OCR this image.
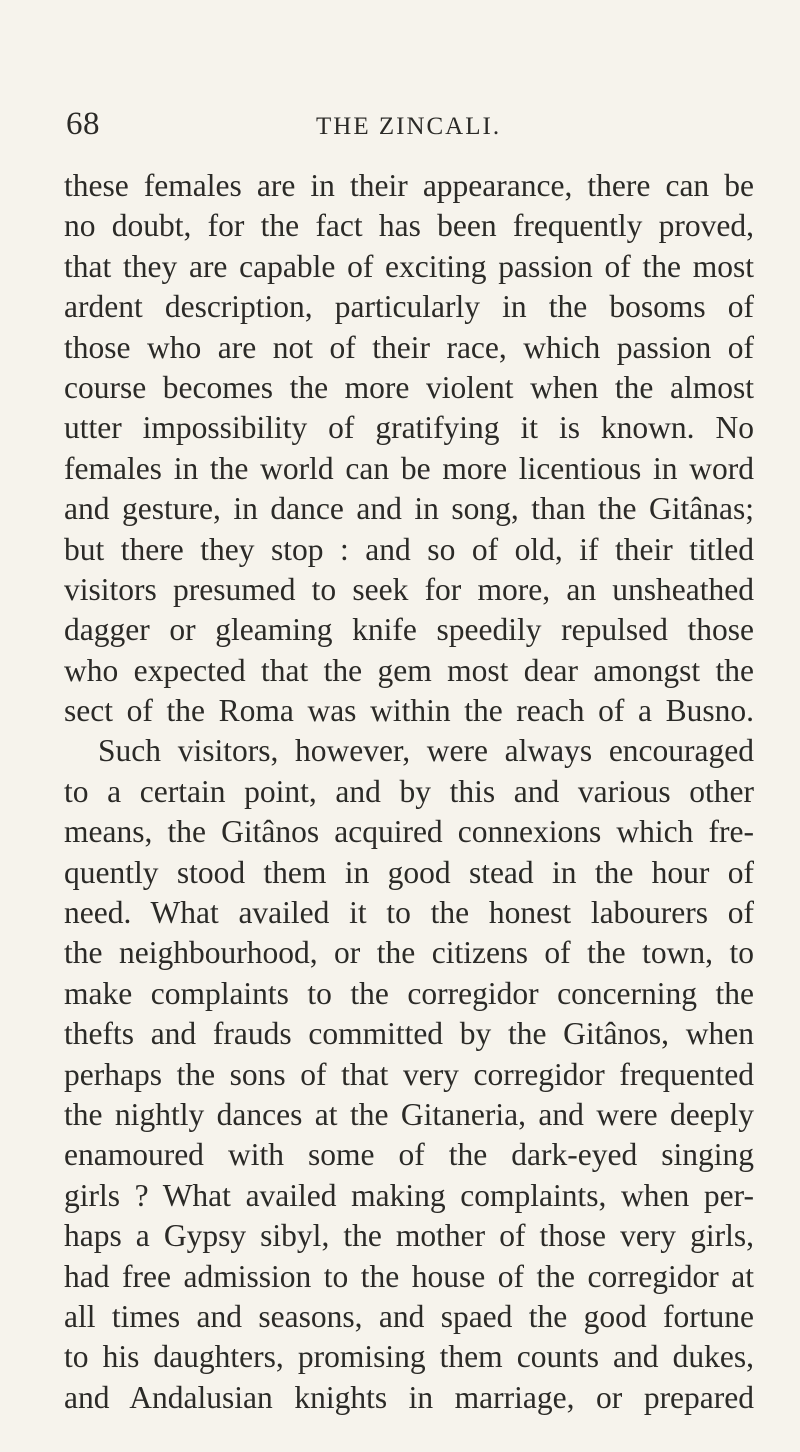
68	THE ZINCALI.
these females are in their appearance, there can be
no doubt, for the fact has been frequently proved,
that they are capable of exciting passion of the most
ardent description, particularly in the bosoms of
those who are not of their race, which passion of
course becomes the more violent when the almost
utter impossibility of gratifying it is known. No
females in the world can be more licentious in word
and gesture, in dance and in song, than the Gitânas;
but there they stop : and so of old, if their titled
visitors presumed to seek for more, an unsheathed
dagger or gleaming knife speedily repulsed those
who expected that the gem most dear amongst the
sect of the Roma was within the reach of a Busno.
Such visitors, however, were always encouraged
to a certain point, and by this and various other
means, the Gitânos acquired connexions which fre-
quently stood them in good stead in the hour of
need. What availed it to the honest labourers of
the neighbourhood, or the citizens of the town, to
make complaints to the corregidor concerning the
thefts and frauds committed by the Gitânos, when
perhaps the sons of that very corregidor frequented
the nightly dances at the Gitaneria, and were deeply
enamoured with some of the dark-eyed singing
girls ? What availed making complaints, when per-
haps a Gypsy sibyl, the mother of those very girls,
had free admission to the house of the corregidor at
all times and seasons, and spaed the good fortune
to his daughters, promising them counts and dukes,
and Andalusian knights in marriage, or prepared
